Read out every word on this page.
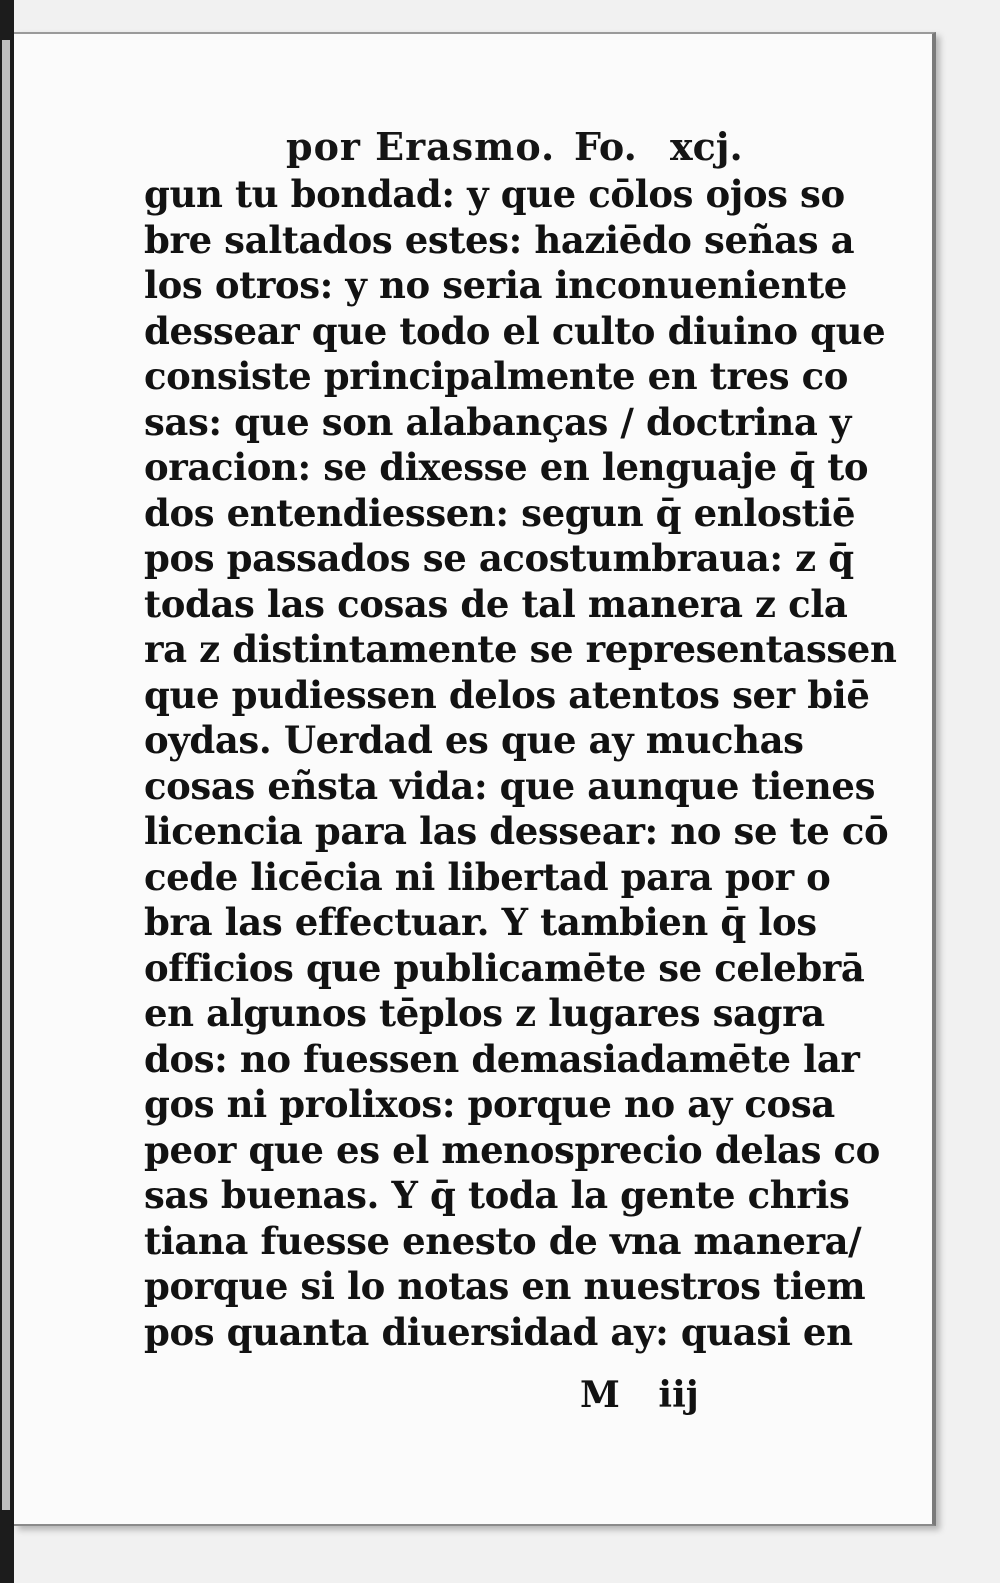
por Erasmo. Fo. xcj.
gun tu bondad: y que cōlos ojos so
bre saltados estes: haziēdo señas a
los otros: y no seria inconueniente
dessear que todo el culto diuino que
consiste principalmente en tres co
sas: que son alabanças / doctrina y
oracion: se dixesse en lenguaje q̄ to
dos entendiessen: segun q̄ enlostiē
pos passados se acostumbraua: z q̄
todas las cosas de tal manera z cla
ra z distintamente se representassen
que pudiessen delos atentos ser biē
oydas. Uerdad es que ay muchas
cosas eñsta vida: que aunque tienes
licencia para las dessear: no se te cō
cede licēcia ni libertad para por o
bra las effectuar. Y tambien q̄ los
officios que publicamēte se celebrā
en algunos tēplos z lugares sagra
dos: no fuessen demasiadamēte lar
gos ni prolixos: porque no ay cosa
peor que es el menosprecio delas co
sas buenas. Y q̄ toda la gente chris
tiana fuesse enesto de vna manera/
porque si lo notas en nuestros tiem
pos quanta diuersidad ay: quasi en
M iij
